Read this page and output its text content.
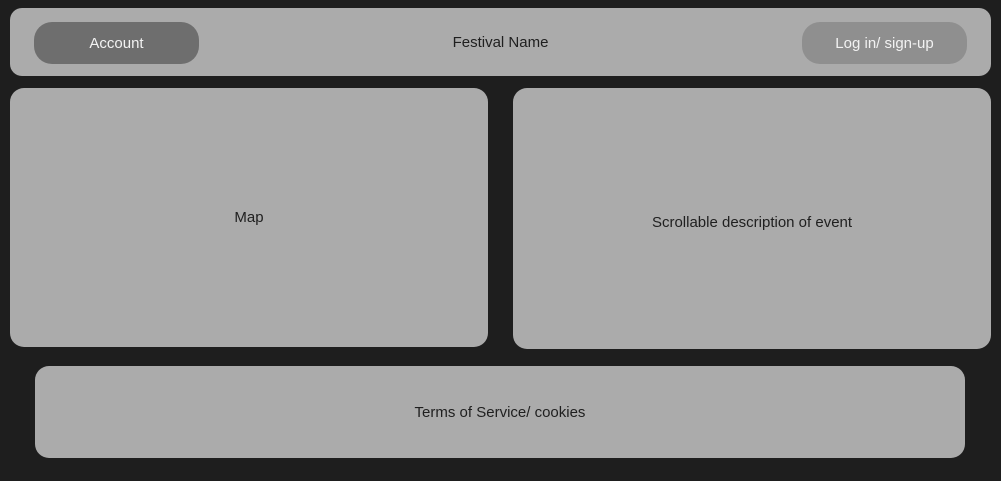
Account	Festival Name	Log in/ sign-up
Map	Scrollable description of event
Terms of Service/ cookies
